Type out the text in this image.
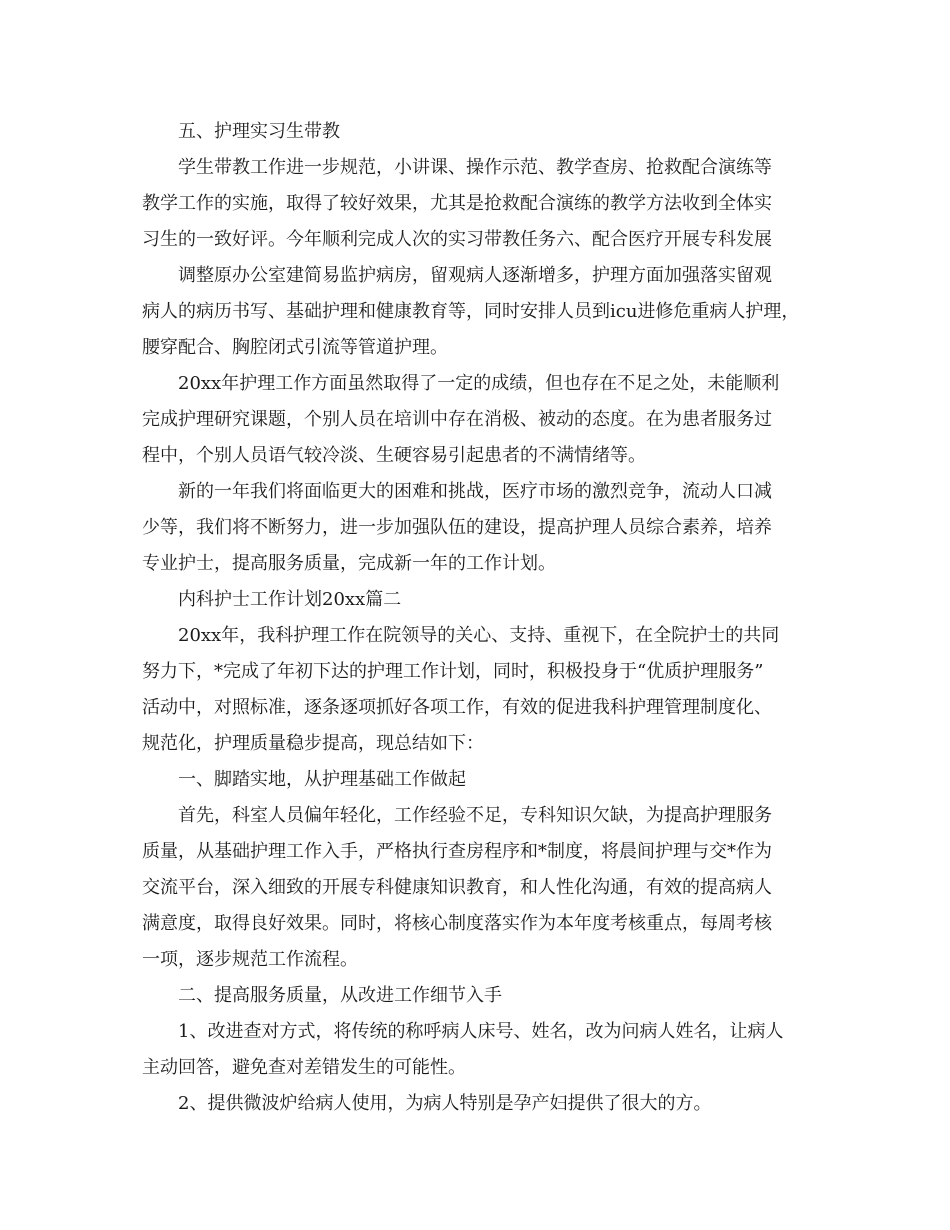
五、护理实习生带教
学生带教工作进一步规范，小讲课、操作示范、教学查房、抢救配合演练等
教学工作的实施，取得了较好效果，尤其是抢救配合演练的教学方法收到全体实
习生的一致好评。今年顺利完成人次的实习带教任务六、配合医疗开展专科发展
调整原办公室建简易监护病房，留观病人逐渐增多，护理方面加强落实留观
病人的病历书写、基础护理和健康教育等，同时安排人员到icu进修危重病人护理，
腰穿配合、胸腔闭式引流等管道护理。
20xx年护理工作方面虽然取得了一定的成绩，但也存在不足之处，未能顺利
完成护理研究课题，个别人员在培训中存在消极、被动的态度。在为患者服务过
程中，个别人员语气较冷淡、生硬容易引起患者的不满情绪等。
新的一年我们将面临更大的困难和挑战，医疗市场的激烈竞争，流动人口减
少等，我们将不断努力，进一步加强队伍的建设，提高护理人员综合素养，培养
专业护士，提高服务质量，完成新一年的工作计划。
内科护士工作计划20xx篇二
20xx年，我科护理工作在院领导的关心、支持、重视下，在全院护士的共同
努力下，*完成了年初下达的护理工作计划，同时，积极投身于“优质护理服务”
活动中，对照标准，逐条逐项抓好各项工作，有效的促进我科护理管理制度化、
规范化，护理质量稳步提高，现总结如下：
一、脚踏实地，从护理基础工作做起
首先，科室人员偏年轻化，工作经验不足，专科知识欠缺，为提高护理服务
质量，从基础护理工作入手，严格执行查房程序和*制度，将晨间护理与交*作为
交流平台，深入细致的开展专科健康知识教育，和人性化沟通，有效的提高病人
满意度，取得良好效果。同时，将核心制度落实作为本年度考核重点，每周考核
一项，逐步规范工作流程。
二、提高服务质量，从改进工作细节入手
1、改进查对方式，将传统的称呼病人床号、姓名，改为问病人姓名，让病人
主动回答，避免查对差错发生的可能性。
2、提供微波炉给病人使用，为病人特别是孕产妇提供了很大的方。
